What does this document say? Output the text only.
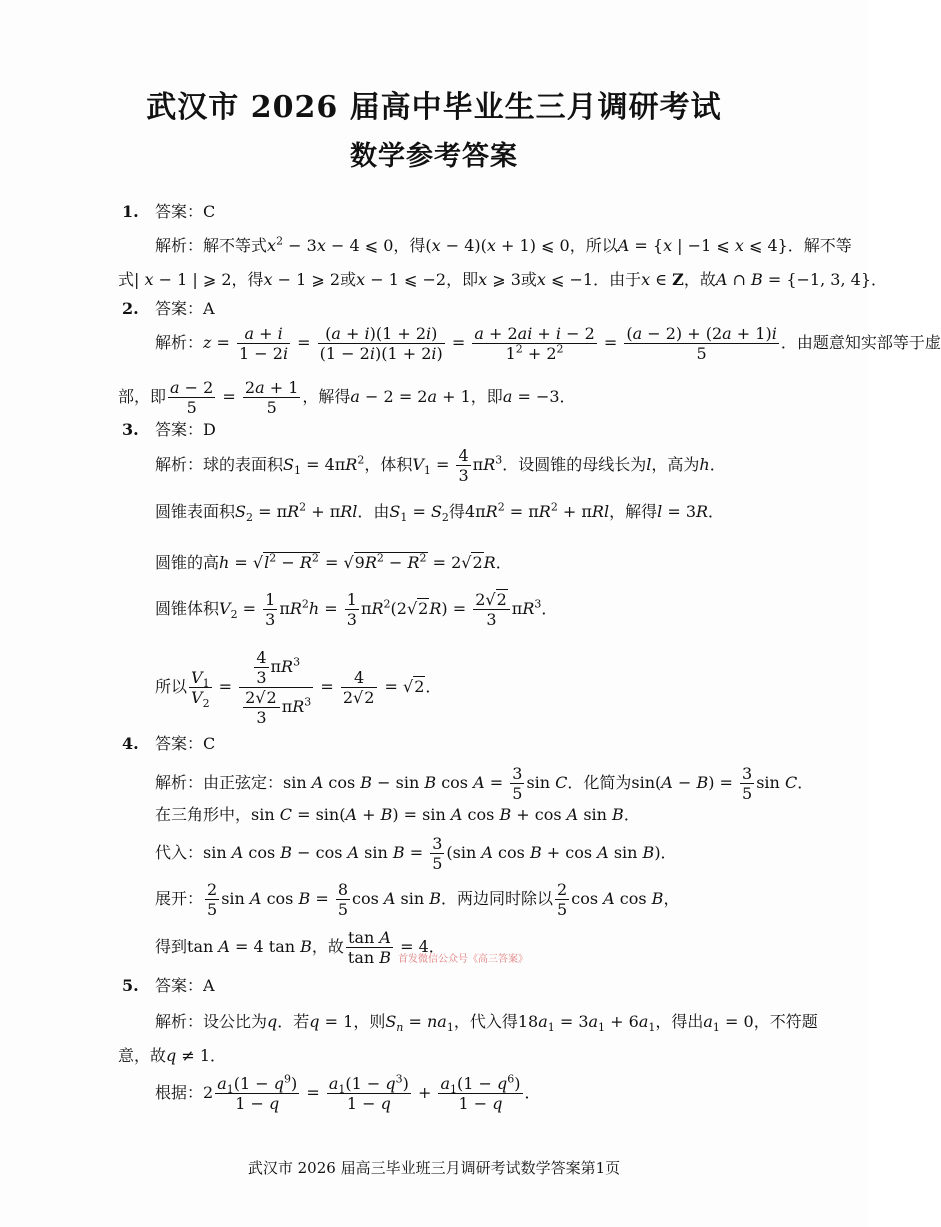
武汉市 2026 届高中毕业生三月调研考试
数学参考答案
1. 答案：C
解析：解不等式$x^2 - 3x - 4$ ⩽ 0，得(x − 4)(x + 1) ⩽ 0，所以A = {x | −1 ⩽ x ⩽ 4}．解不等
式| x − 1 | ⩾ 2，得x − 1 ⩾ 2或x − 1 ⩽ −2，即x ⩾ 3或x ⩽ −1．由于x ∈ Z，故A ∩ B = {−1, 3, 4}．
2. 答案：A
解析：$z = \frac{a + i}{1 - 2i} = \frac{(a + i)(1 + 2i)}{(1 - 2i)(1 + 2i)} = \frac{a + 2ai + i - 2}{1^2 + 2^2} = \frac{(a - 2) + (2a + 1)i}{5}$ ．由题意知实部等于虚
部，即 $\frac{a - 2}{5} = \frac{2a + 1}{5}$ ，解得a − 2 = 2a + 1，即a = −3．
3. 答案：D
解析：球的表面积$S_1 = 4\pi R^2$，体积$V_1 = \frac{4}{3} \pi R^3$．设圆锥的母线长为l，高为h．
圆锥表面积$S_2 = \pi R^2 + \pi Rl$．由$S_1 = S_2$得$4\pi R^2 = \pi R^2 + \pi Rl$，解得l = 3R．
圆锥的高$h = √l^2 - R^2 = √9R^2 - R^2 = 2√2R$．
圆锥体积$V_2 = \frac{1}{3} \pi R^2h = \frac{1}{3} \pi R^2(2√2R) = \frac{2√2}{3} \pi R^3$．
所以 $\frac{V_1}{V_2} = \frac{\frac{4}{3} \pi R^3}{\frac{2√2}{3} \pi R^3} = \frac{4}{2√2} = √2$．
4. 答案：C
解析：由正弦定：sin A cos B − sin B $\cos A = \frac{3}{5}$ sin C．化简为$\sin(A - B) = \frac{3}{5}$ sin C．
在三角形中，sin C = sin(A + B) = sin A cos B + cos A sin B．
代入：sin A cos B − cos A $\sin B = \frac{3}{5} (\sin$ A cos B + cos A sin B)．
展开： $\frac{2}{5}$ sin A $\cos B = \frac{8}{5}$ cos A sin B．两边同时除以 $\frac{2}{5}$ cos A cos B，
得到tan A = 4 tan B，故 $\frac{\text{tan A}}{\text{tan B}} = 4$．
首发微信公众号《高三答案》
5. 答案：A
解析：设公比为q．若q = 1，则$S_n = na_1$，代入得$18a_1 = 3a_1 + 6a_1$，得出$a_1 = 0$，不符题
意，故q ≠ 1．
根据：$2 \frac{a_1(1 - q^9)}{1 - q} = \frac{a_1(1 - q^3)}{1 - q} + \frac{a_1(1 - q^6)}{1 - q}$ ．
武汉市 2026 届高三毕业班三月调研考试数学答案第1页
